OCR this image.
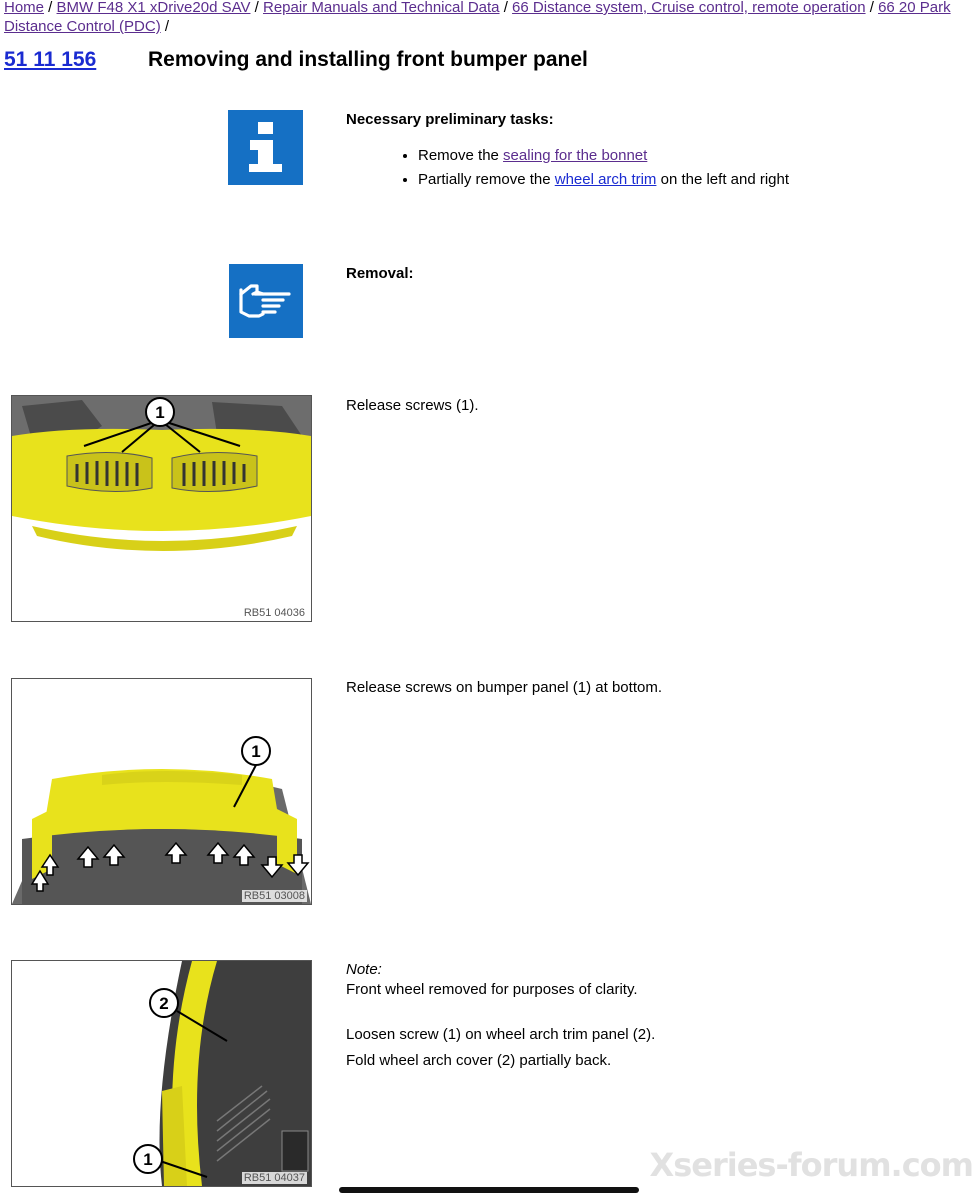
Home / BMW F48 X1 xDrive20d SAV / Repair Manuals and Technical Data / 66 Distance system, Cruise control, remote operation / 66 20 Park Distance Control (PDC) /
51 11 156 Removing and installing front bumper panel
Necessary preliminary tasks:
• Remove the sealing for the bonnet
• Partially remove the wheel arch trim on the left and right
Removal:
1
RB51 04036
Release screws (1).
1
RB51 03008
Release screws on bumper panel (1) at bottom.
2
1
RB51 04037

Note:

Front wheel removed for purposes of clarity.

Loosen screw (1) on wheel arch trim panel (2).

Fold wheel arch cover (2) partially back.

Xseries-forum.com
